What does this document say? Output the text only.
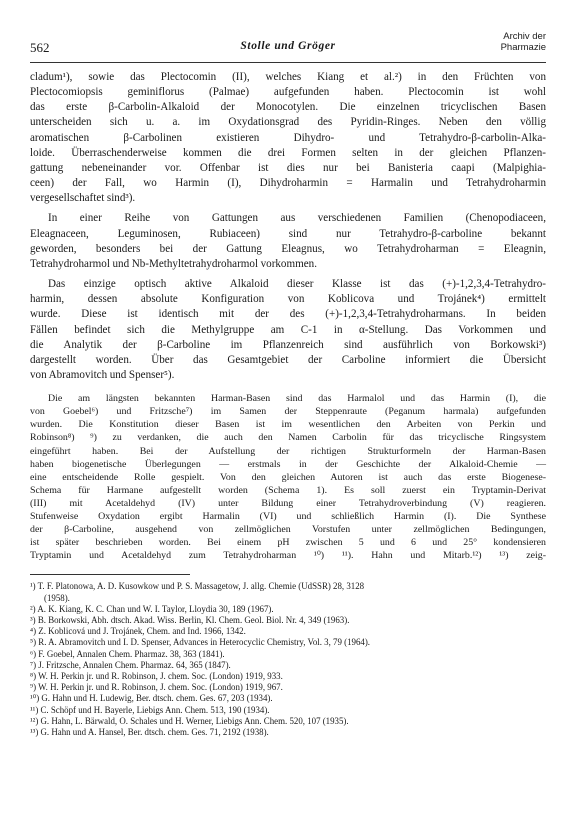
562	Stolle und Gröger
Archiv der
Pharmazie

cladum¹), sowie das Plectocomin (II), welches Kiang et al.²) in den Früchten von

Plectocomiopsis geminiflorus (Palmae) aufgefunden haben. Plectocomin ist wohl

das erste β-Carbolin-Alkaloid der Monocotylen. Die einzelnen tricyclischen Basen

unterscheiden sich u. a. im Oxydationsgrad des Pyridin-Ringes. Neben den völlig

aromatischen β-Carbolinen existieren Dihydro- und Tetrahydro-β-carbolin-Alka-

loide. Überraschenderweise kommen die drei Formen selten in der gleichen Pflanzen-

gattung nebeneinander vor. Offenbar ist dies nur bei Banisteria caapi (Malpighia-

ceen) der Fall, wo Harmin (I), Dihydroharmin = Harmalin und Tetrahydroharmin

vergesellschaftet sind³).

In einer Reihe von Gattungen aus verschiedenen Familien (Chenopodiaceen,

Eleagnaceen, Leguminosen, Rubiaceen) sind nur Tetrahydro-β-carboline bekannt

geworden, besonders bei der Gattung Eleagnus, wo Tetrahydroharman = Eleagnin,

Tetrahydroharmol und Nb-Methyltetrahydroharmol vorkommen.

Das einzige optisch aktive Alkaloid dieser Klasse ist das (+)-1,2,3,4-Tetrahydro-

harmin, dessen absolute Konfiguration von Koblicova und Trojánek⁴) ermittelt

wurde. Diese ist identisch mit der des (+)-1,2,3,4-Tetrahydroharmans. In beiden

Fällen befindet sich die Methylgruppe am C-1 in α-Stellung. Das Vorkommen und

die Analytik der β-Carboline im Pflanzenreich sind ausführlich von Borkowski³)

dargestellt worden. Über das Gesamtgebiet der Carboline informiert die Übersicht

von Abramovitch und Spenser⁵).

Die am längsten bekannten Harman-Basen sind das Harmalol und das Harmin (I), die

von Goebel⁶) und Fritzsche⁷) im Samen der Steppenraute (Peganum harmala) aufgefunden

wurden. Die Konstitution dieser Basen ist im wesentlichen den Arbeiten von Perkin und

Robinson⁸) ⁹) zu verdanken, die auch den Namen Carbolin für das tricyclische Ringsystem

eingeführt haben. Bei der Aufstellung der richtigen Strukturformeln der Harman-Basen

haben biogenetische Überlegungen — erstmals in der Geschichte der Alkaloid-Chemie —

eine entscheidende Rolle gespielt. Von den gleichen Autoren ist auch das erste Biogenese-

Schema für Harmane aufgestellt worden (Schema 1). Es soll zuerst ein Tryptamin-Derivat

(III) mit Acetaldehyd (IV) unter Bildung einer Tetrahydroverbindung (V) reagieren.

Stufenweise Oxydation ergibt Harmalin (VI) und schließlich Harmin (I). Die Synthese

der β-Carboline, ausgehend von zellmöglichen Vorstufen unter zellmöglichen Bedingungen,

ist später beschrieben worden. Bei einem pH zwischen 5 und 6 und 25° kondensieren

Tryptamin und Acetaldehyd zum Tetrahydroharman ¹⁰) ¹¹). Hahn und Mitarb.¹²) ¹³) zeig-

¹) T. F. Platonowa, A. D. Kusowkow und P. S. Massagetow, J. allg. Chemie (UdSSR) 28, 3128

(1958).

²) A. K. Kiang, K. C. Chan und W. I. Taylor, Lloydia 30, 189 (1967).

³) B. Borkowski, Abh. dtsch. Akad. Wiss. Berlin, Kl. Chem. Geol. Biol. Nr. 4, 349 (1963).

⁴) Z. Koblicová und J. Trojánek, Chem. and Ind. 1966, 1342.

⁵) R. A. Abramovitch und I. D. Spenser, Advances in Heterocyclic Chemistry, Vol. 3, 79 (1964).

⁶) F. Goebel, Annalen Chem. Pharmaz. 38, 363 (1841).

⁷) J. Fritzsche, Annalen Chem. Pharmaz. 64, 365 (1847).

⁸) W. H. Perkin jr. und R. Robinson, J. chem. Soc. (London) 1919, 933.

⁹) W. H. Perkin jr. und R. Robinson, J. chem. Soc. (London) 1919, 967.

¹⁰) G. Hahn und H. Ludewig, Ber. dtsch. chem. Ges. 67, 203 (1934).

¹¹) C. Schöpf und H. Bayerle, Liebigs Ann. Chem. 513, 190 (1934).

¹²) G. Hahn, L. Bärwald, O. Schales und H. Werner, Liebigs Ann. Chem. 520, 107 (1935).

¹³) G. Hahn und A. Hansel, Ber. dtsch. chem. Ges. 71, 2192 (1938).
